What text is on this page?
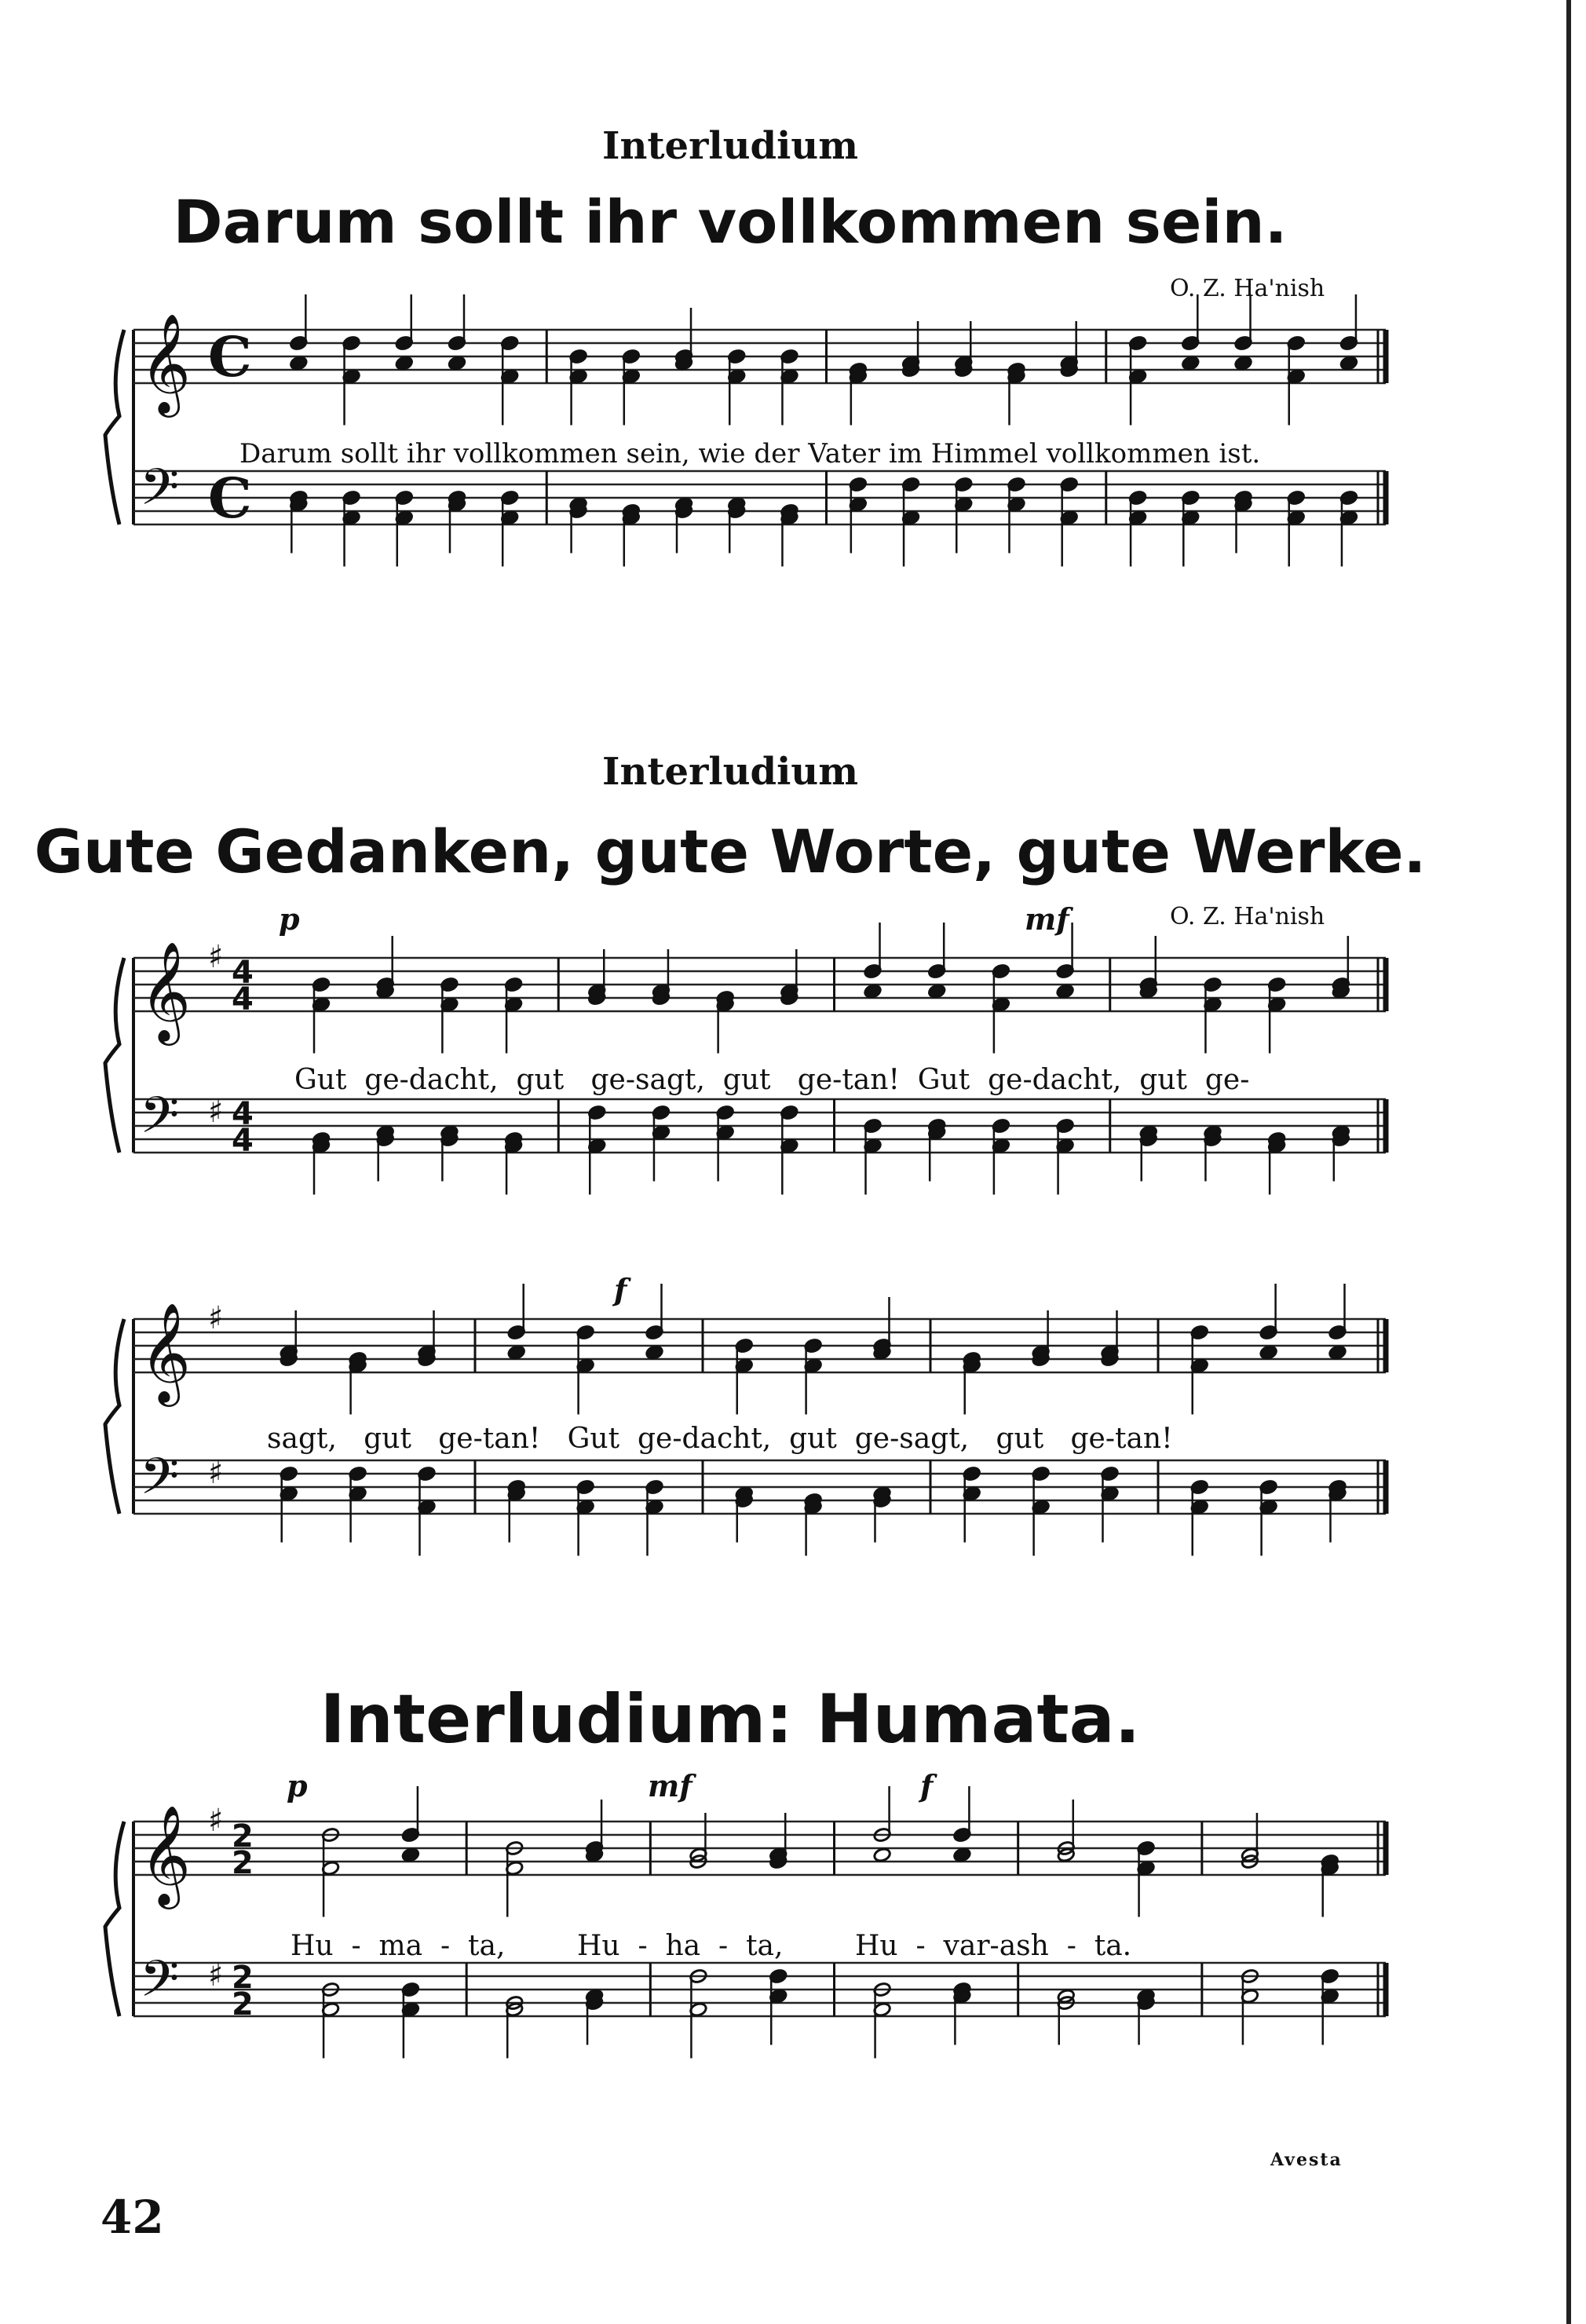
Interludium
Darum sollt ihr vollkommen sein.
O. Z. Ha'nish
𝄞 C
𝄢 C
Darum sollt ihr vollkommen sein, wie der Vater im Himmel vollkommen ist.
Interludium
Gute Gedanken, gute Worte, gute Werke.
O. Z. Ha'nish
p	mf
𝄞 ♯ 4
4
𝄢 ♯ 4
4
Gut  ge-dacht,  gut   ge-sagt,  gut   ge-tan!  Gut  ge-dacht,  gut  ge-
f
𝄞 ♯
𝄢 ♯
sagt,   gut   ge-tan!   Gut  ge-dacht,  gut  ge-sagt,   gut   ge-tan!
Interludium: Humata.
p	mf	f
𝄞 ♯ 2
2
𝄢 ♯ 2
2
Hu  -  ma  -  ta,        Hu  -  ha  -  ta,        Hu  -  var-ash  -  ta.
Avesta
42
